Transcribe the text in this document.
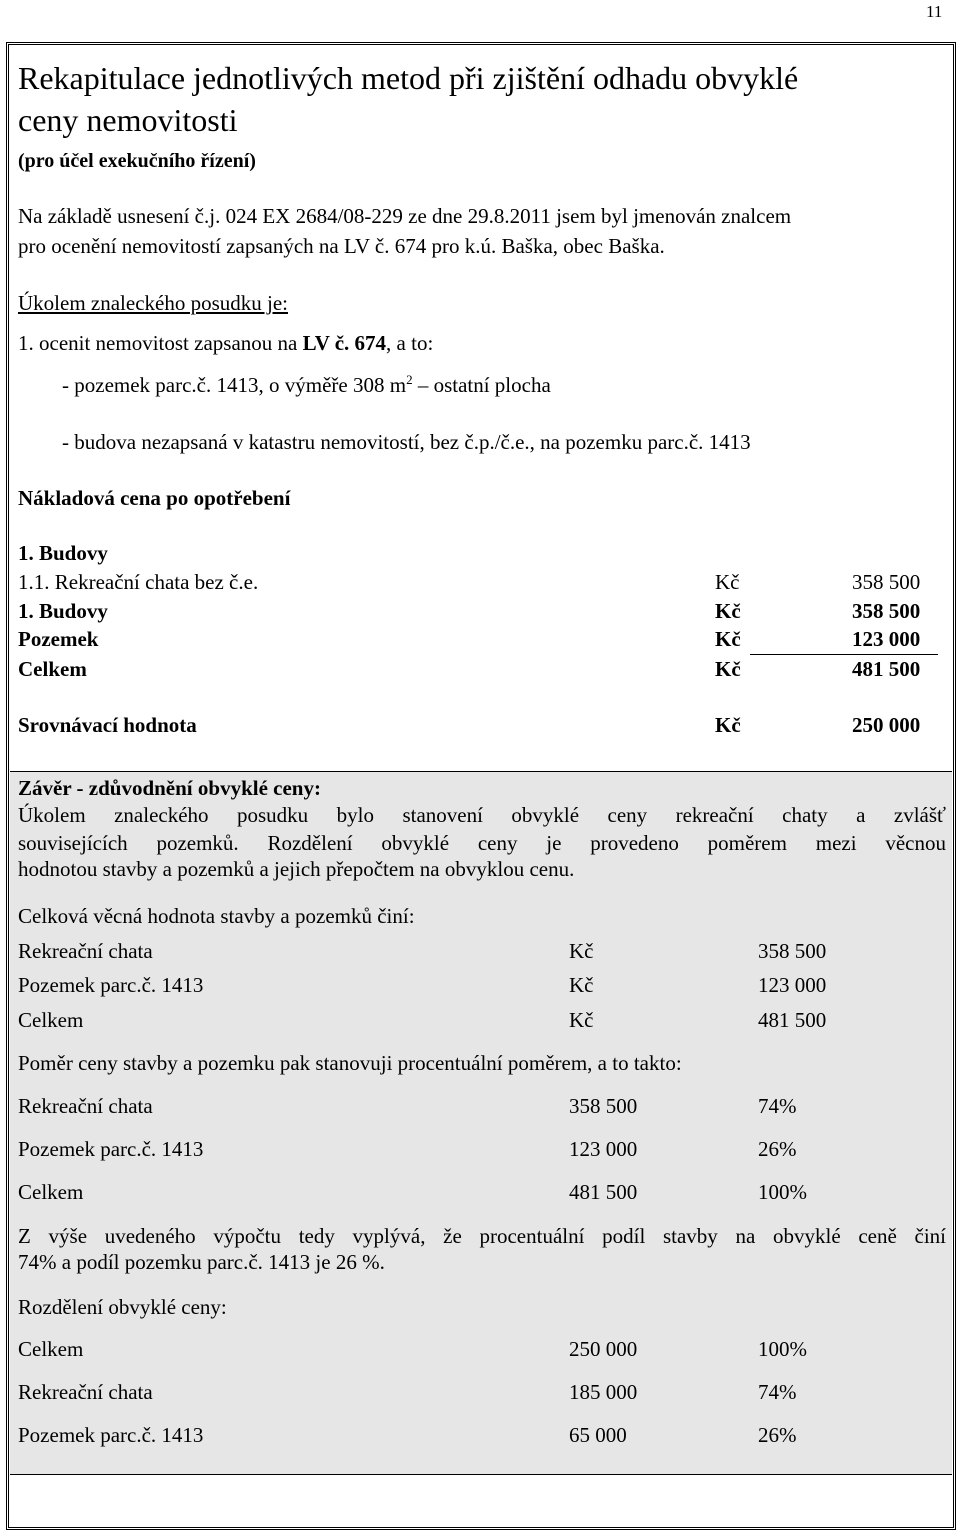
11
Rekapitulace jednotlivých metod při zjištění odhadu obvyklé
ceny nemovitosti
(pro účel exekučního řízení)
Na základě usnesení č.j. 024 EX 2684/08-229 ze dne 29.8.2011 jsem byl jmenován znalcem
pro ocenění nemovitostí zapsaných na LV č. 674 pro k.ú. Baška, obec Baška.
Úkolem znaleckého posudku je:
1. ocenit nemovitost zapsanou na LV č. 674, a to:
- pozemek parc.č. 1413, o výměře 308 $m^2$ – ostatní plocha
- budova nezapsaná v katastru nemovitostí, bez č.p./č.e., na pozemku parc.č. 1413
Nákladová cena po opotřebení
1. Budovy
1.1. Rekreační chata bez č.e.	Kč	358 500
1. Budovy	Kč	358 500
Pozemek	Kč	123 000
Celkem	Kč	481 500
Srovnávací hodnota	Kč	250 000
Závěr - zdůvodnění obvyklé ceny:
Úkolem znaleckého posudku bylo stanovení obvyklé ceny rekreační chaty a zvlášť
souvisejících pozemků. Rozdělení obvyklé ceny je provedeno poměrem mezi věcnou
hodnotou stavby a pozemků a jejich přepočtem na obvyklou cenu.
Celková věcná hodnota stavby a pozemků činí:
Rekreační chata	Kč	358 500
Pozemek parc.č. 1413	Kč	123 000
Celkem	Kč	481 500
Poměr ceny stavby a pozemku pak stanovuji procentuální poměrem, a to takto:
Rekreační chata	358 500	74%
Pozemek parc.č. 1413	123 000	26%
Celkem	481 500	100%
Z výše uvedeného výpočtu tedy vyplývá, že procentuální podíl stavby na obvyklé ceně činí
74% a podíl pozemku parc.č. 1413 je 26 %.
Rozdělení obvyklé ceny:
Celkem	250 000	100%
Rekreační chata	185 000	74%
Pozemek parc.č. 1413	65 000	26%
